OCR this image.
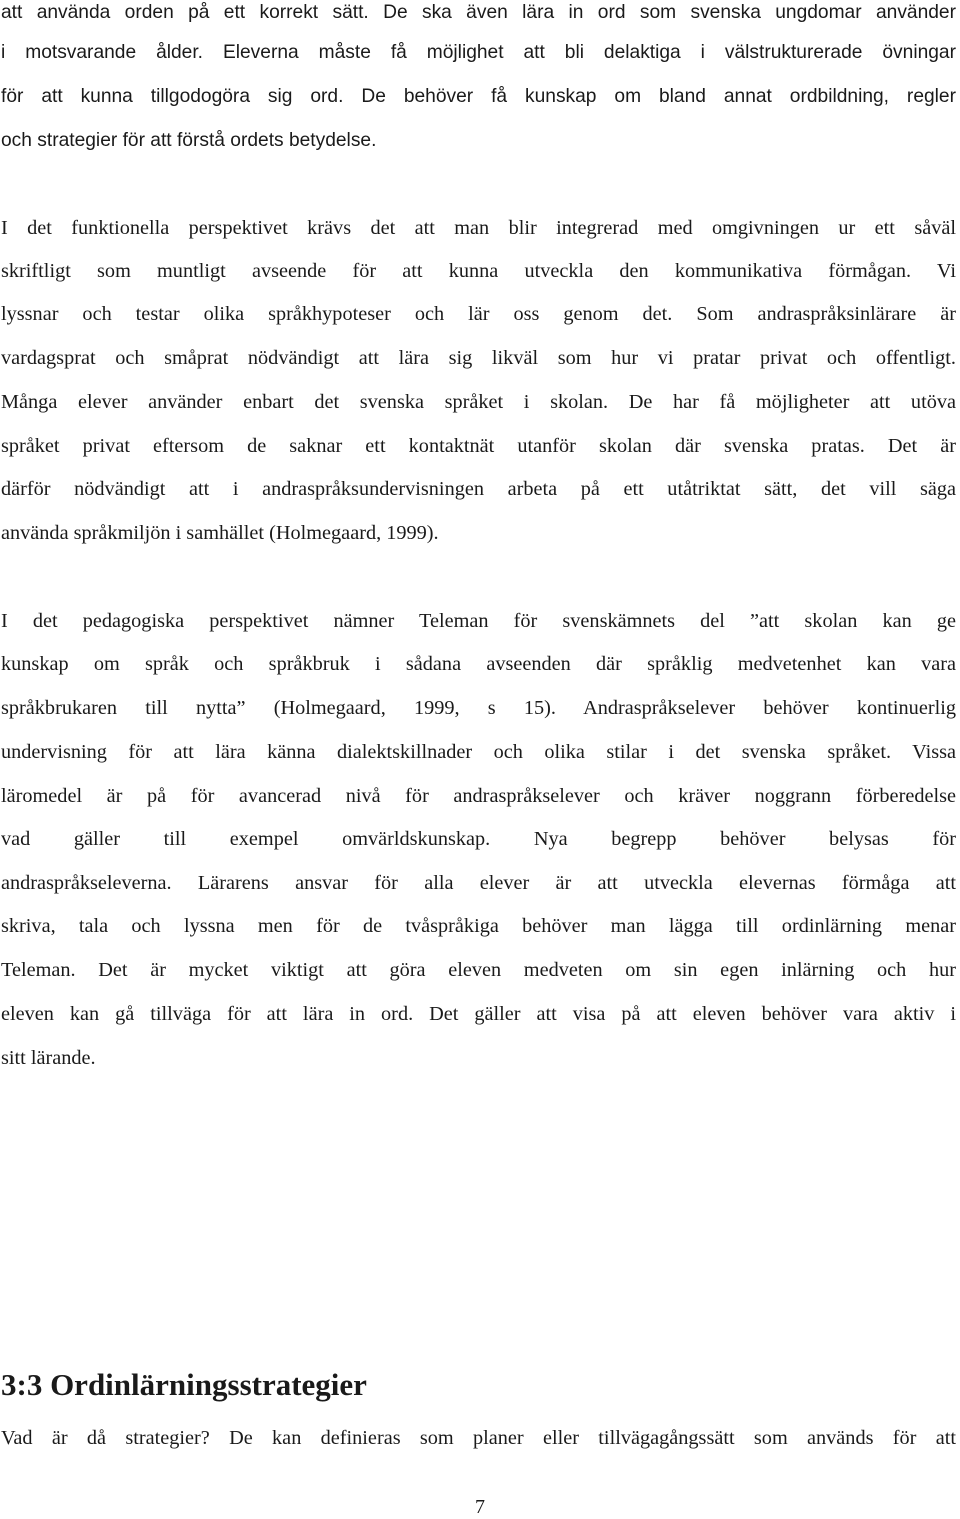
att använda orden på ett korrekt sätt. De ska även lära in ord som svenska ungdomar använder
i motsvarande ålder. Eleverna måste få möjlighet att bli delaktiga i välstrukturerade övningar
för att kunna tillgodogöra sig ord. De behöver få kunskap om bland annat ordbildning, regler
och strategier för att förstå ordets betydelse.
I det funktionella perspektivet krävs det att man blir integrerad med omgivningen ur ett såväl
skriftligt som muntligt avseende för att kunna utveckla den kommunikativa förmågan. Vi
lyssnar och testar olika språkhypoteser och lär oss genom det. Som andraspråksinlärare är
vardagsprat och småprat nödvändigt att lära sig likväl som hur vi pratar privat och offentligt.
Många elever använder enbart det svenska språket i skolan. De har få möjligheter att utöva
språket privat eftersom de saknar ett kontaktnät utanför skolan där svenska pratas. Det är
därför nödvändigt att i andraspråksundervisningen arbeta på ett utåtriktat sätt, det vill säga
använda språkmiljön i samhället (Holmegaard, 1999).
I det pedagogiska perspektivet nämner Teleman för svenskämnets del ”att skolan kan ge
kunskap om språk och språkbruk i sådana avseenden där språklig medvetenhet kan vara
språkbrukaren till nytta” (Holmegaard, 1999, s 15). Andraspråkselever behöver kontinuerlig
undervisning för att lära känna dialektskillnader och olika stilar i det svenska språket. Vissa
läromedel är på för avancerad nivå för andraspråkselever och kräver noggrann förberedelse
vad gäller till exempel omvärldskunskap. Nya begrepp behöver belysas för
andraspråkseleverna. Lärarens ansvar för alla elever är att utveckla elevernas förmåga att
skriva, tala och lyssna men för de tvåspråkiga behöver man lägga till ordinlärning menar
Teleman. Det är mycket viktigt att göra eleven medveten om sin egen inlärning och hur
eleven kan gå tillväga för att lära in ord. Det gäller att visa på att eleven behöver vara aktiv i
sitt lärande.
3:3 Ordinlärningsstrategier
Vad är då strategier? De kan definieras som planer eller tillvägagångssätt som används för att
7
